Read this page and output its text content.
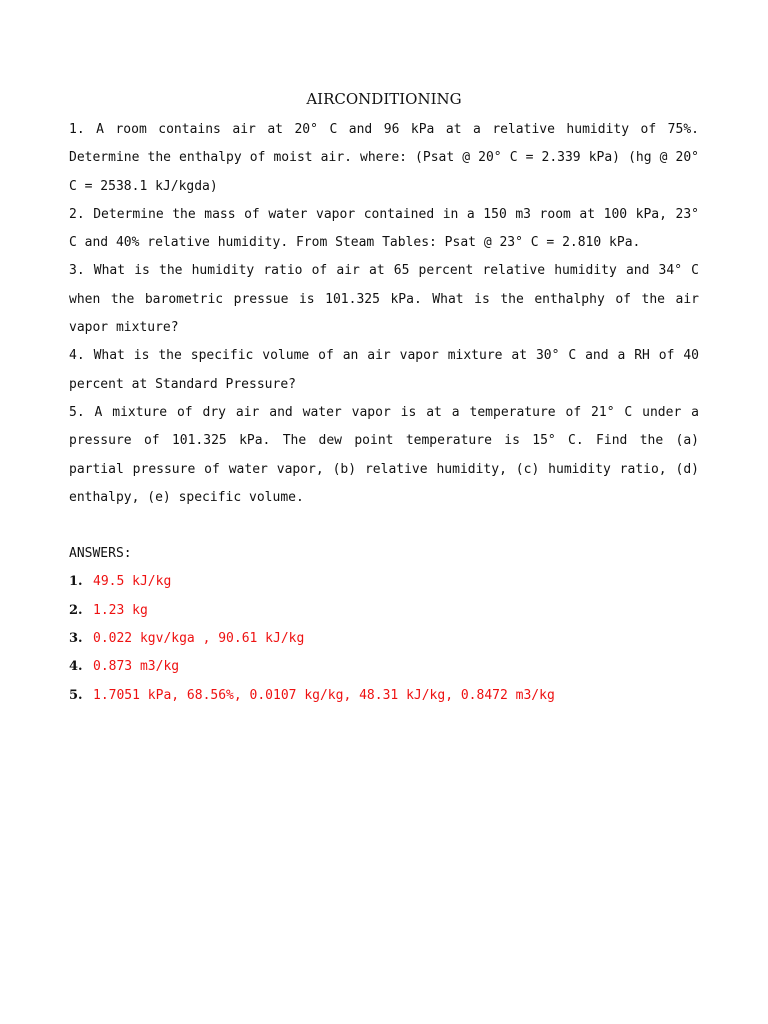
AIRCONDITIONING

1. A room contains air at 20° C and 96 kPa at a relative humidity of 75%. Determine the enthalpy of moist air. where: (Psat @ 20° C = 2.339 kPa) (hg @ 20° C = 2538.1 kJ/kgda)

2. Determine the mass of water vapor contained in a 150 m3 room at 100 kPa, 23° C and 40% relative humidity. From Steam Tables: Psat @ 23° C = 2.810 kPa.

3. What is the humidity ratio of air at 65 percent relative humidity and 34° C when the barometric pressue is 101.325 kPa. What is the enthalphy of the air vapor mixture?

4. What is the specific volume of an air vapor mixture at 30° C and a RH of 40 percent at Standard Pressure?

5. A mixture of dry air and water vapor is at a temperature of 21° C under a pressure of 101.325 kPa. The dew point temperature is 15° C. Find the (a) partial pressure of water vapor, (b) relative humidity, (c) humidity ratio, (d) enthalpy, (e) specific volume.

ANSWERS:
1. 49.5 kJ/kg
2. 1.23 kg
3. 0.022 kgv/kga , 90.61 kJ/kg
4. 0.873 m3/kg
5. 1.7051 kPa, 68.56%, 0.0107 kg/kg, 48.31 kJ/kg, 0.8472 m3/kg
